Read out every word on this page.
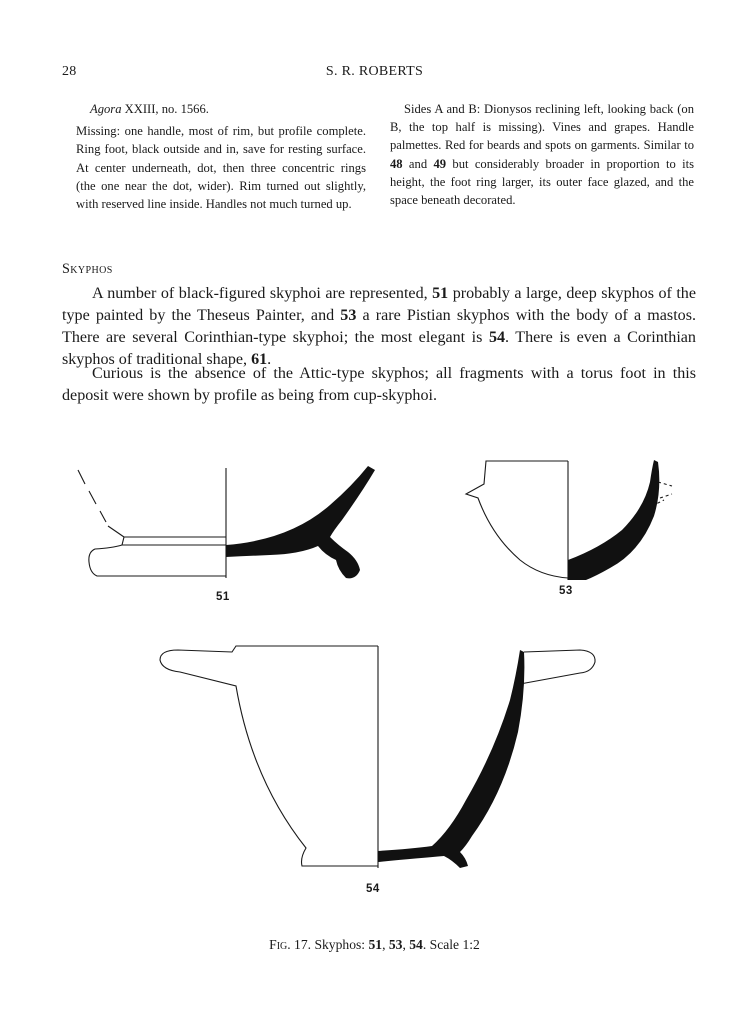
28	S. R. ROBERTS

Agora XXIII, no. 1566.

Missing: one handle, most of rim, but profile complete. Ring foot, black outside and in, save for resting surface. At center underneath, dot, then three concentric rings (the one near the dot, wider). Rim turned out slightly, with reserved line inside. Handles not much turned up.

Sides A and B: Dionysos reclining left, looking back (on B, the top half is missing). Vines and grapes. Handle palmettes. Red for beards and spots on garments. Similar to 48 and 49 but considerably broader in proportion to its height, the foot ring larger, its outer face glazed, and the space beneath decorated.

Skyphos

A number of black-figured skyphoi are represented, 51 probably a large, deep skyphos of the type painted by the Theseus Painter, and 53 a rare Pistian skyphos with the body of a mastos. There are several Corinthian-type skyphoi; the most elegant is 54. There is even a Corinthian skyphos of traditional shape, 61.

Curious is the absence of the Attic-type skyphos; all fragments with a torus foot in this deposit were shown by profile as being from cup-skyphoi.

51	53
54
Fig. 17. Skyphos: 51, 53, 54. Scale 1:2
